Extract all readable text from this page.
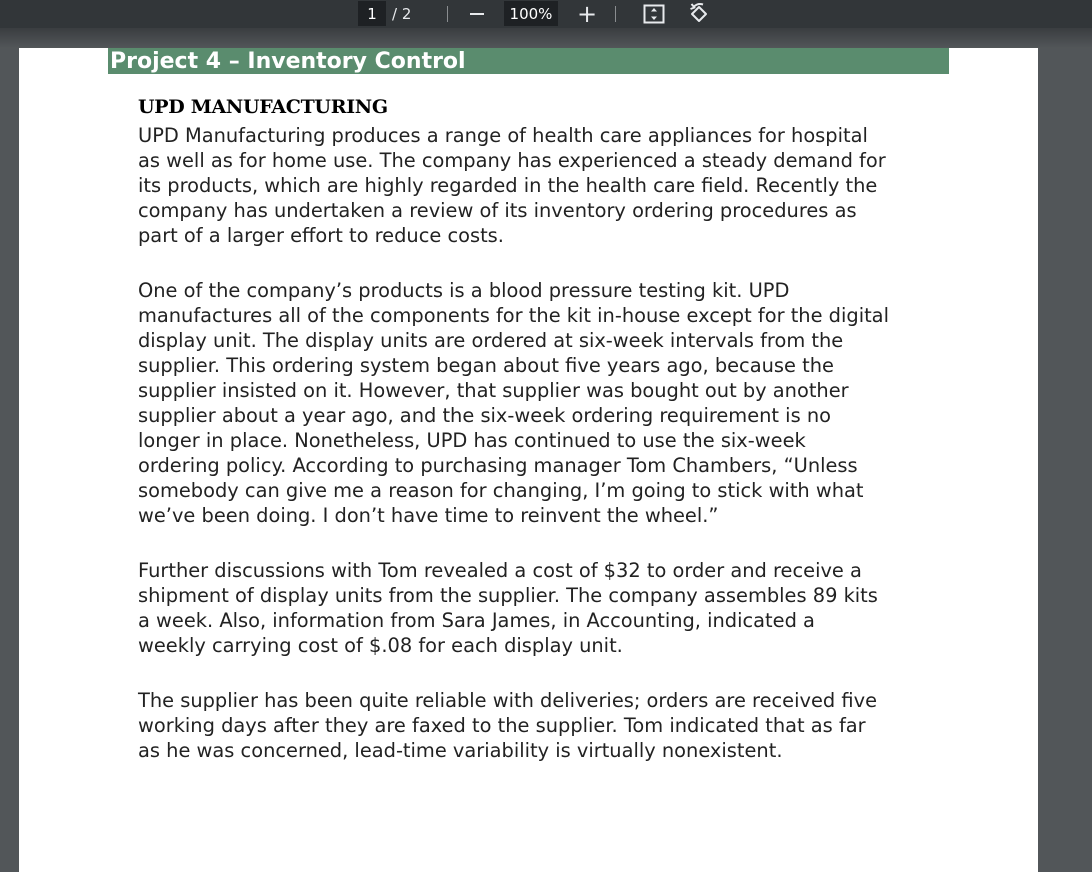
1	/ 2	100% +
Project 4 – Inventory Control
UPD MANUFACTURING

UPD Manufacturing produces a range of health care appliances for hospital
as well as for home use. The company has experienced a steady demand for
its products, which are highly regarded in the health care field. Recently the
company has undertaken a review of its inventory ordering procedures as
part of a larger effort to reduce costs.

One of the company’s products is a blood pressure testing kit. UPD
manufactures all of the components for the kit in-house except for the digital
display unit. The display units are ordered at six-week intervals from the
supplier. This ordering system began about five years ago, because the
supplier insisted on it. However, that supplier was bought out by another
supplier about a year ago, and the six-week ordering requirement is no
longer in place. Nonetheless, UPD has continued to use the six-week
ordering policy. According to purchasing manager Tom Chambers, “Unless
somebody can give me a reason for changing, I’m going to stick with what
we’ve been doing. I don’t have time to reinvent the wheel.”

Further discussions with Tom revealed a cost of $32 to order and receive a
shipment of display units from the supplier. The company assembles 89 kits
a week. Also, information from Sara James, in Accounting, indicated a
weekly carrying cost of $.08 for each display unit.

The supplier has been quite reliable with deliveries; orders are received five
working days after they are faxed to the supplier. Tom indicated that as far
as he was concerned, lead-time variability is virtually nonexistent.
